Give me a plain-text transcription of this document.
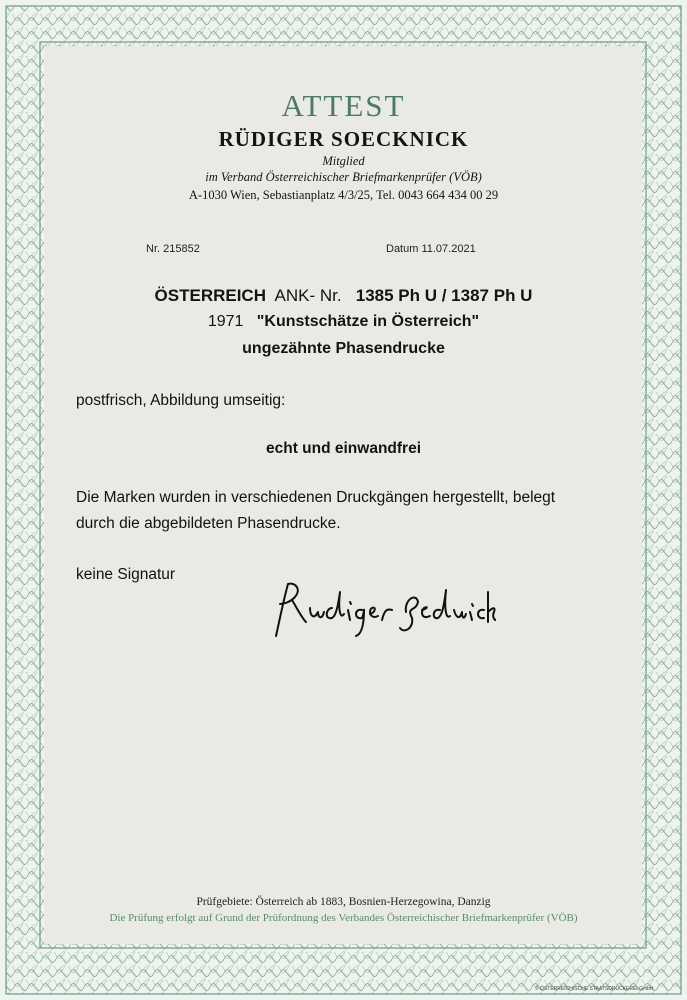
ATTEST
RÜDIGER SOECKNICK
Mitglied
im Verband Österreichischer Briefmarkenprüfer (VÖB)
A-1030 Wien, Sebastianplatz 4/3/25, Tel. 0043 664 434 00 29
Nr. 215852	Datum 11.07.2021
ÖSTERREICH ANK- Nr. 1385 Ph U / 1387 Ph U
1971 "Kunstschätze in Österreich"
ungezähnte Phasendrucke
postfrisch, Abbildung umseitig:
echt und einwandfrei
Die Marken wurden in verschiedenen Druckgängen hergestellt, belegt
durch die abgebildeten Phasendrucke.
keine Signatur
Prüfgebiete: Österreich ab 1883, Bosnien-Herzegowina, Danzig
Die Prüfung erfolgt auf Grund der Prüfordnung des Verbandes Österreichischer Briefmarkenprüfer (VÖB)
© ÖSTERREICHISCHE STAATSDRUCKEREI GmbH
